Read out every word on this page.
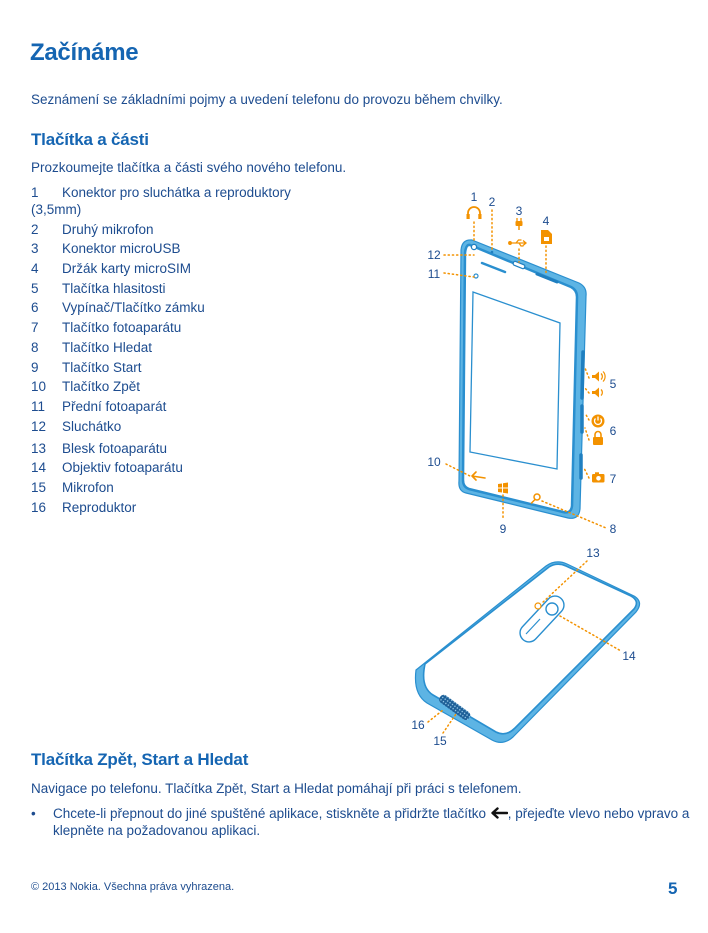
Začínáme
Seznámení se základními pojmy a uvedení telefonu do provozu během chvilky.
Tlačítka a části
Prozkoumejte tlačítka a části svého nového telefonu.
1 Konektor pro sluchátka a reproduktory (3,5mm)
2 Druhý mikrofon
3 Konektor microUSB
4 Držák karty microSIM
5 Tlačítka hlasitosti
6 Vypínač/Tlačítko zámku
7 Tlačítko fotoaparátu
8 Tlačítko Hledat
9 Tlačítko Start
10 Tlačítko Zpět
11 Přední fotoaparát
12 Sluchátko
13 Blesk fotoaparátu
14 Objektiv fotoaparátu
15 Mikrofon
16 Reproduktor
1 2
3
4
5
6
7
8
9
10
11
12
13
14
15
16
Tlačítka Zpět, Start a Hledat
Navigace po telefonu. Tlačítka Zpět, Start a Hledat pomáhají při práci s telefonem.
•	Chcete-li přepnout do jiné spuštěné aplikace, stiskněte a přidržte tlačítko , přejeďte vlevo nebo vpravo a klepněte na požadovanou aplikaci.
© 2013 Nokia. Všechna práva vyhrazena.	5
